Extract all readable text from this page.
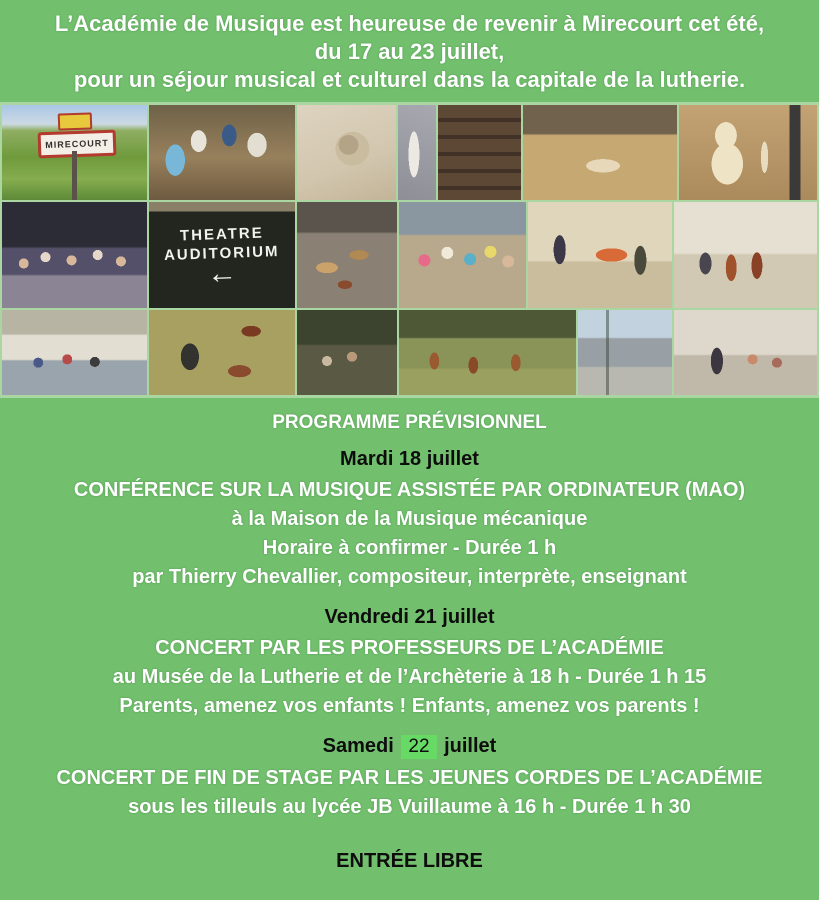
L’Académie de Musique est heureuse de revenir à Mirecourt cet été,
du 17 au 23 juillet,
pour un séjour musical et culturel dans la capitale de la lutherie.
MIRECOURT
THEATRE
AUDITORIUM
←
PROGRAMME PRÉVISIONNEL
Mardi 18 juillet
CONFÉRENCE SUR LA MUSIQUE ASSISTÉE PAR ORDINATEUR (MAO)
à la Maison de la Musique mécanique
Horaire à confirmer - Durée 1 h
par Thierry Chevallier, compositeur, interprète, enseignant
Vendredi 21 juillet
CONCERT PAR LES PROFESSEURS DE L’ACADÉMIE
au Musée de la Lutherie et de l’Archèterie à 18 h - Durée 1 h 15
Parents, amenez vos enfants ! Enfants, amenez vos parents !
Samedi 22 juillet
CONCERT DE FIN DE STAGE PAR LES JEUNES CORDES DE L’ACADÉMIE
sous les tilleuls au lycée JB Vuillaume à 16 h - Durée 1 h 30
ENTRÉE LIBRE
